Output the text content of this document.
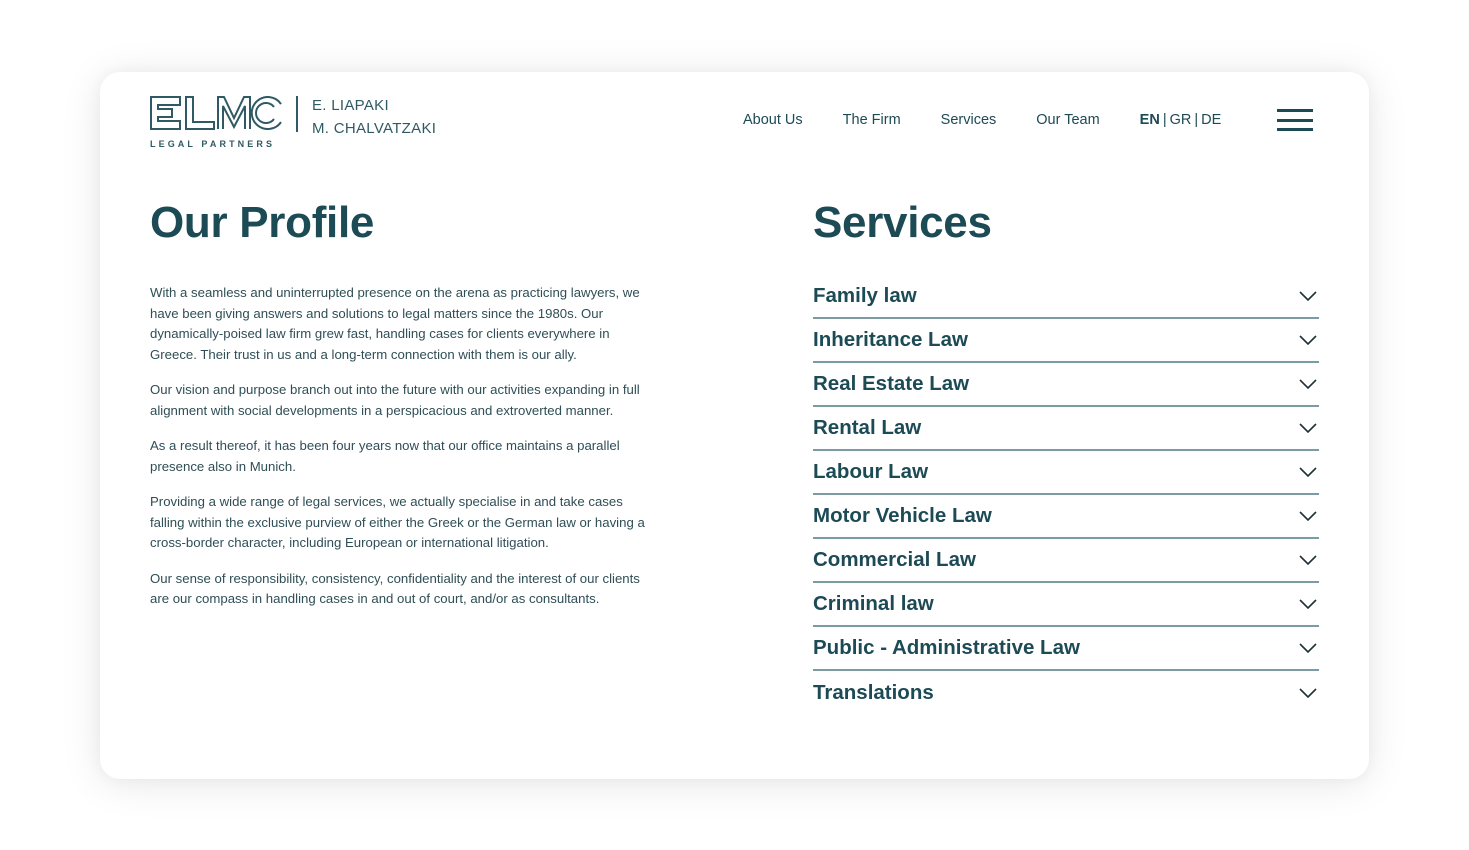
LEGAL PARTNERS
E. LIAPAKI
M. CHALVATZAKI	About Us	The Firm	Services	Our Team	EN | GR | DE
Our Profile

With a seamless and uninterrupted presence on the arena as practicing lawyers, we have been giving answers and solutions to legal matters since the 1980s. Our dynamically-poised law firm grew fast, handling cases for clients everywhere in Greece. Their trust in us and a long-term connection with them is our ally.

Our vision and purpose branch out into the future with our activities expanding in full alignment with social developments in a perspicacious and extroverted manner.

As a result thereof, it has been four years now that our office maintains a parallel presence also in Munich.

Providing a wide range of legal services, we actually specialise in and take cases falling within the exclusive purview of either the Greek or the German law or having a cross-border character, including European or international litigation.

Our sense of responsibility, consistency, confidentiality and the interest of our clients are our compass in handling cases in and out of court, and/or as consultants.

Services
Family law
Inheritance Law
Real Estate Law
Rental Law
Labour Law
Motor Vehicle Law
Commercial Law
Criminal law
Public - Administrative Law
Translations
